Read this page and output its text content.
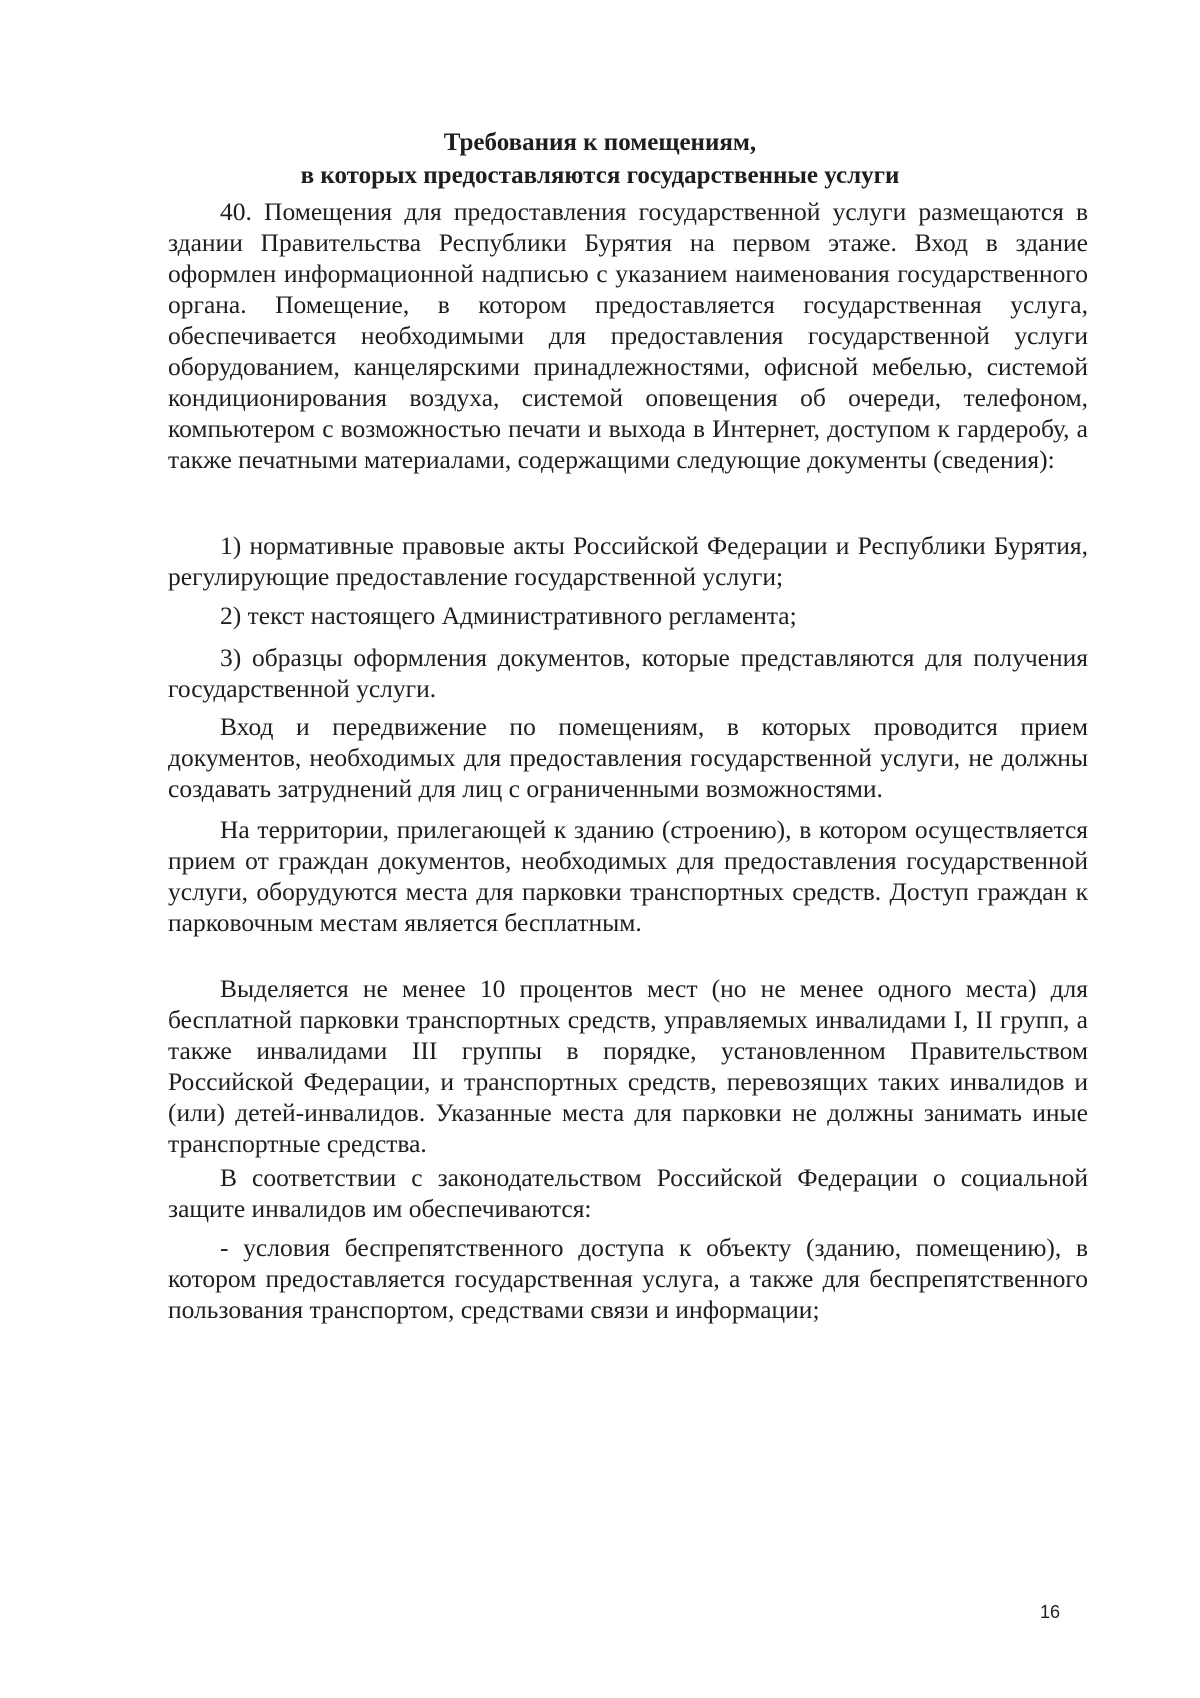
Требования к помещениям,
в которых предоставляются государственные услуги

40. Помещения для предоставления государственной услуги размещаются в здании Правительства Республики Бурятия на первом этаже. Вход в здание оформлен информационной надписью с указанием наименования государственного органа. Помещение, в котором предоставляется государственная услуга, обеспечивается необходимыми для предоставления государственной услуги оборудованием, канцелярскими принадлежностями, офисной мебелью, системой кондиционирования воздуха, системой оповещения об очереди, телефоном, компьютером с возможностью печати и выхода в Интернет, доступом к гардеробу, а также печатными материалами, содержащими следующие документы (сведения):

1) нормативные правовые акты Российской Федерации и Республики Бурятия, регулирующие предоставление государственной услуги;

2) текст настоящего Административного регламента;

3) образцы оформления документов, которые представляются для получения государственной услуги.

Вход и передвижение по помещениям, в которых проводится прием документов, необходимых для предоставления государственной услуги, не должны создавать затруднений для лиц с ограниченными возможностями.

На территории, прилегающей к зданию (строению), в котором осуществляется прием от граждан документов, необходимых для предоставления государственной услуги, оборудуются места для парковки транспортных средств. Доступ граждан к парковочным местам является бесплатным.

Выделяется не менее 10 процентов мест (но не менее одного места) для бесплатной парковки транспортных средств, управляемых инвалидами I, II групп, а также инвалидами III группы в порядке, установленном Правительством Российской Федерации, и транспортных средств, перевозящих таких инвалидов и (или) детей-инвалидов. Указанные места для парковки не должны занимать иные транспортные средства.

В соответствии с законодательством Российской Федерации о социальной защите инвалидов им обеспечиваются:

- условия беспрепятственного доступа к объекту (зданию, помещению), в котором предоставляется государственная услуга, а также для беспрепятственного пользования транспортом, средствами связи и информации;

16
